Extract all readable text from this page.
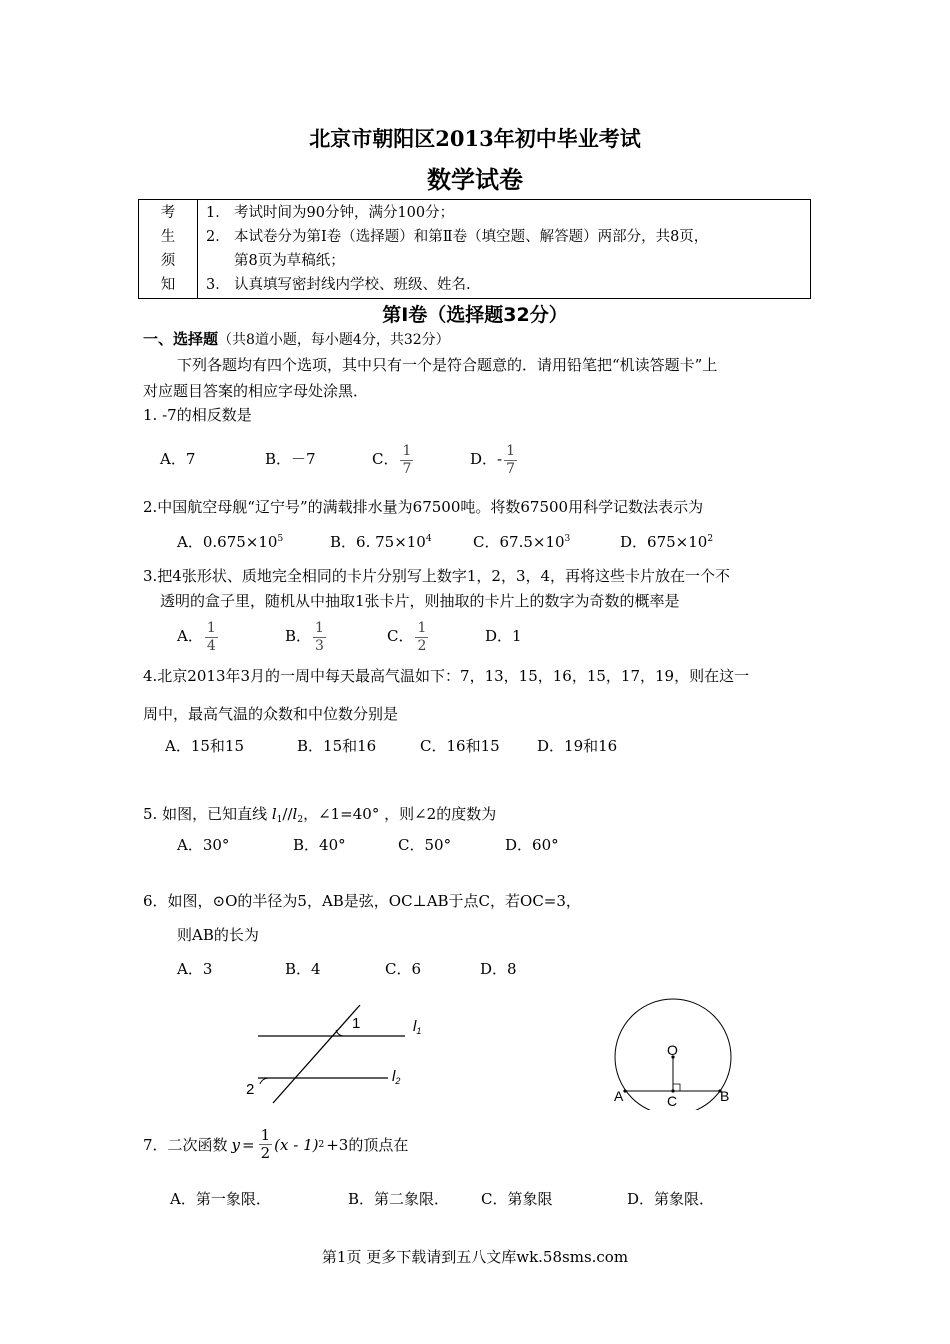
北京市朝阳区2013年初中毕业考试
数学试卷
考
生
须
知

1． 考试时间为90分钟，满分100分；
2． 本试卷分为第Ⅰ卷（选择题）和第Ⅱ卷（填空题、解答题）两部分，共8页，
第8页为草稿纸；
3． 认真填写密封线内学校、班级、姓名.
第Ⅰ卷（选择题32分）
一、选择题（共8道小题，每小题4分，共32分）
下列各题均有四个选项，其中只有一个是符合题意的．请用铅笔把“机读答题卡”上
对应题目答案的相应字母处涂黑．
1. -7的相反数是
A．7	B．－7	C． $\frac{1}{7}$	D．- $\frac{1}{7}$
2.中国航空母舰“辽宁号”的满载排水量为67500吨。将数67500用科学记数法表示为
A．$0.675\times 10^5$	B．6. $75\times 10^4$	C．$67.5\times 10^3$	D．$675\times 10^2$
3.把4张形状、质地完全相同的卡片分别写上数字1，2，3，4，再将这些卡片放在一个不
透明的盒子里，随机从中抽取1张卡片，则抽取的卡片上的数字为奇数的概率是
A． $\frac{1}{4}$	B． $\frac{1}{3}$	C． $\frac{1}{2}$	D．1
4.北京2013年3月的一周中每天最高气温如下：7，13，15，16，15，17，19，则在这一
周中，最高气温的众数和中位数分别是
A．15和15	B．15和16	C．16和15 D．19和16
5. 如图，已知直线 $l_1//l_2$，∠1=40° ，则∠2的度数为
A．30°	B．40°	C．50°	D．60°
6．如图，⊙O的半径为5，AB是弦，OC⊥AB于点C，若OC=3，
则AB的长为
A．3	B．4	C．6	D．8
1
2
$l_1$
$l_2$
O
A	B
C
7．二次函数 $y = \frac{1}{2} (x - 1)$ 2 +3 的顶点在
A．第一象限．	B．第二象限． C．第象限	D．第象限．
第1页 更多下载请到五八文库wk.58sms.com
